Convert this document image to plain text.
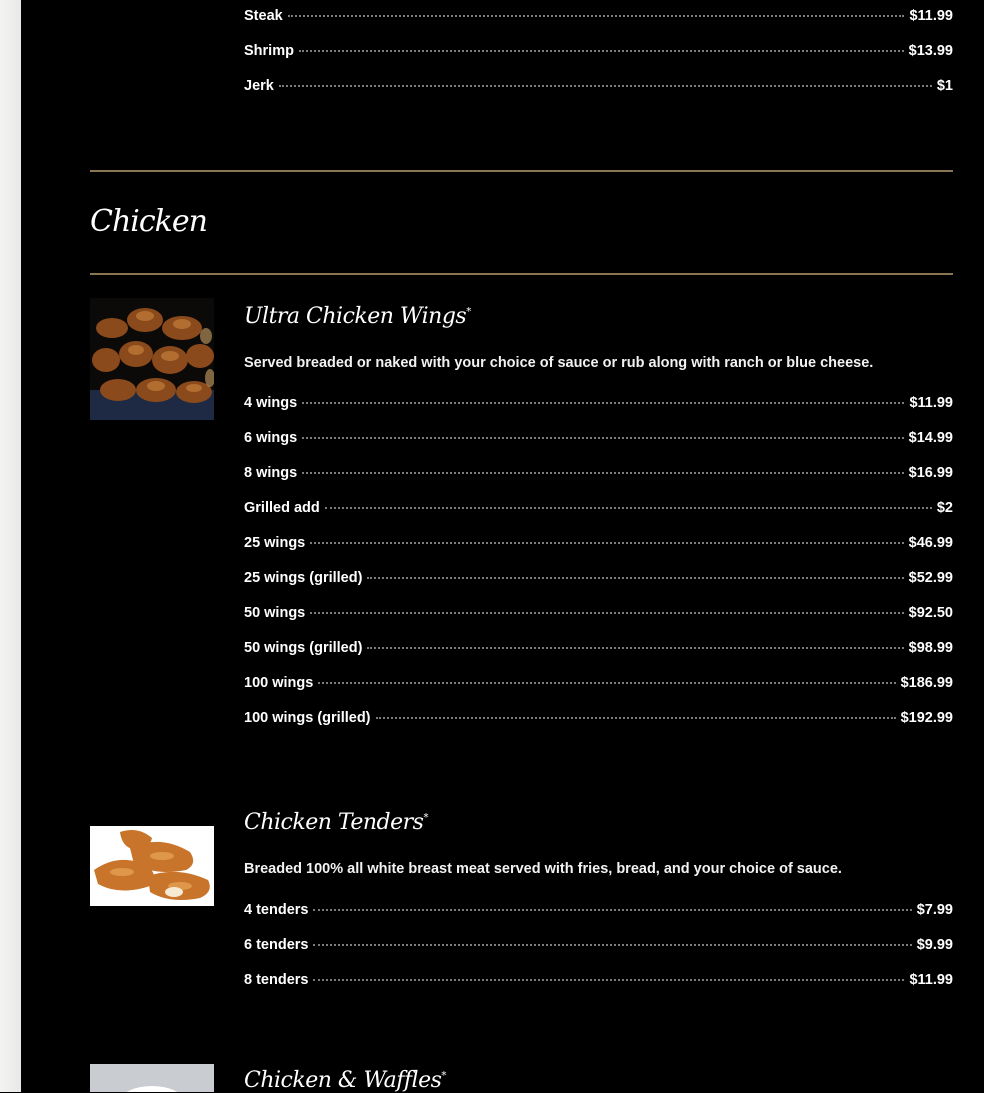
Steak	$11.99
Shrimp	$13.99
Jerk	$1
Chicken
Ultra Chicken Wings*
Served breaded or naked with your choice of sauce or rub along with ranch or blue cheese.
4 wings	$11.99
6 wings	$14.99
8 wings	$16.99
Grilled add	$2
25 wings	$46.99
25 wings (grilled)	$52.99
50 wings	$92.50
50 wings (grilled)	$98.99
100 wings	$186.99
100 wings (grilled)	$192.99
Chicken Tenders*
Breaded 100% all white breast meat served with fries, bread, and your choice of sauce.
4 tenders	$7.99
6 tenders	$9.99
8 tenders	$11.99
Chicken & Waffles*
